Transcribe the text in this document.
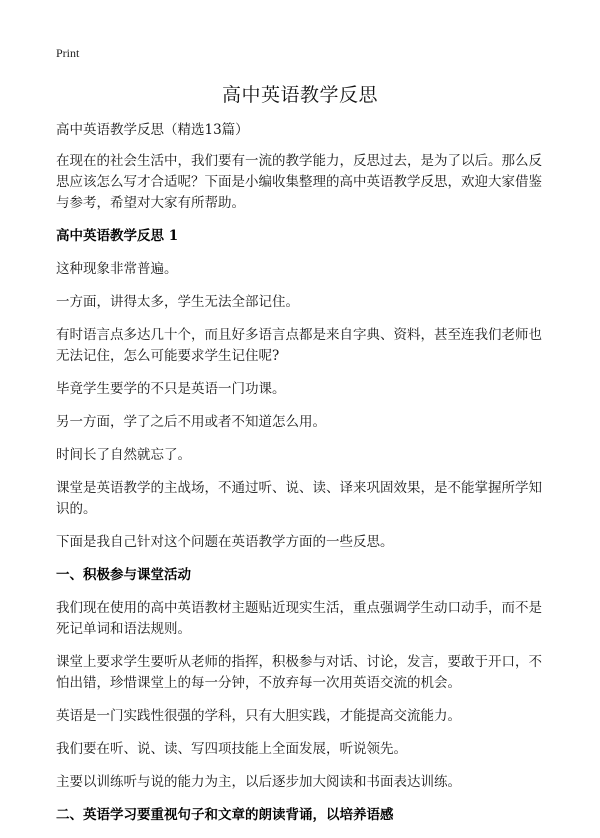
Print
高中英语教学反思
高中英语教学反思（精选13篇）
在现在的社会生活中，我们要有一流的教学能力，反思过去，是为了以后。那么反思应该怎么写才合适呢？下面是小编收集整理的高中英语教学反思，欢迎大家借鉴与参考，希望对大家有所帮助。
高中英语教学反思 1
这种现象非常普遍。
一方面，讲得太多，学生无法全部记住。
有时语言点多达几十个，而且好多语言点都是来自字典、资料，甚至连我们老师也无法记住，怎么可能要求学生记住呢?
毕竟学生要学的不只是英语一门功课。
另一方面，学了之后不用或者不知道怎么用。
时间长了自然就忘了。
课堂是英语教学的主战场，不通过听、说、读、译来巩固效果，是不能掌握所学知识的。
下面是我自己针对这个问题在英语教学方面的一些反思。
一、积极参与课堂活动
我们现在使用的高中英语教材主题贴近现实生活，重点强调学生动口动手，而不是死记单词和语法规则。
课堂上要求学生要听从老师的指挥，积极参与对话、讨论，发言，要敢于开口，不怕出错，珍惜课堂上的每一分钟，不放弃每一次用英语交流的机会。
英语是一门实践性很强的学科，只有大胆实践，才能提高交流能力。
我们要在听、说、读、写四项技能上全面发展，听说领先。
主要以训练听与说的能力为主，以后逐步加大阅读和书面表达训练。
二、英语学习要重视句子和文章的朗读背诵，以培养语感
